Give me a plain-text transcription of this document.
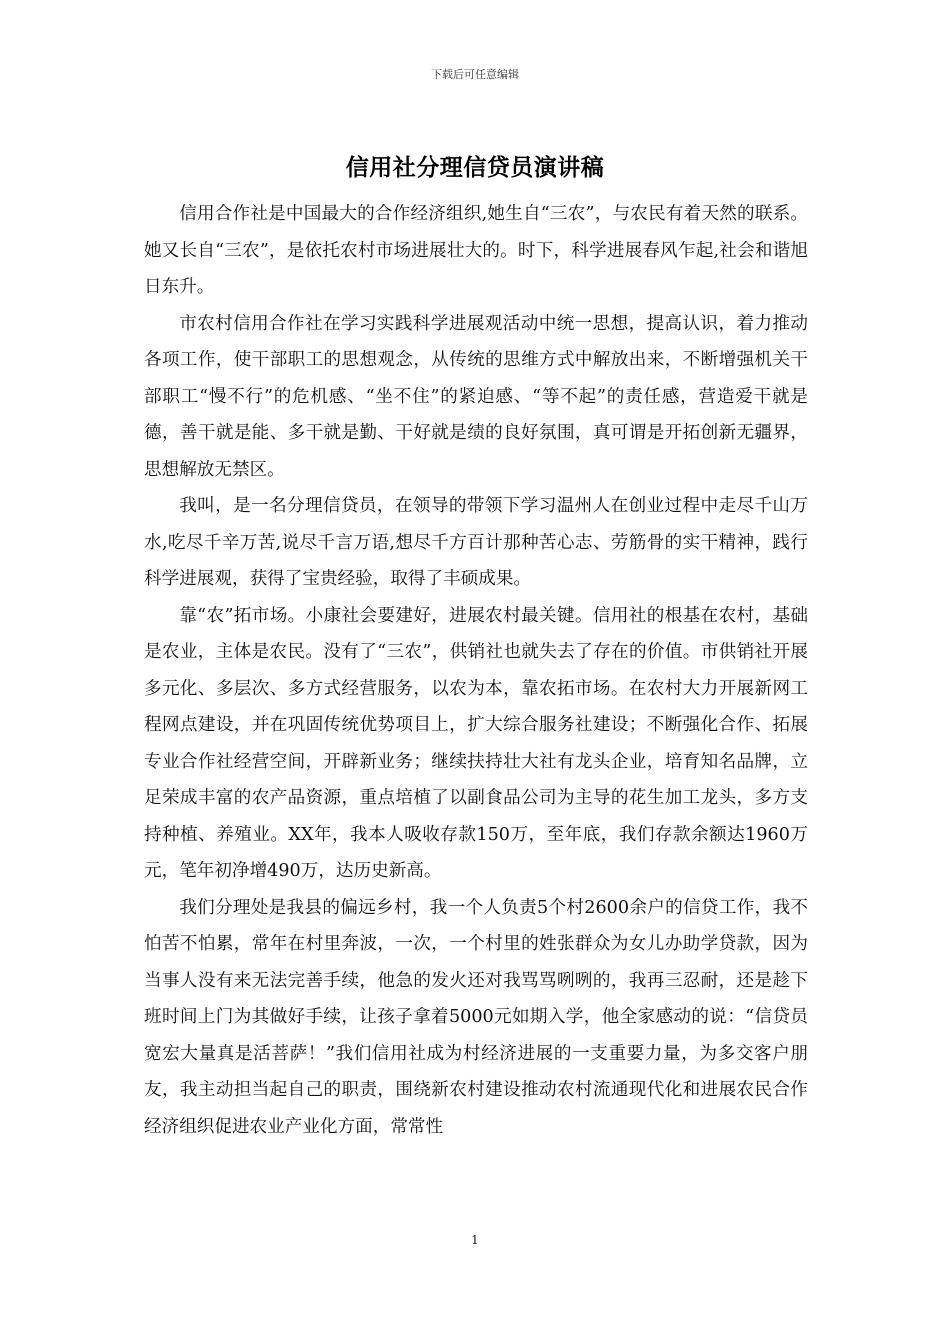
下载后可任意编辑
信用社分理信贷员演讲稿

信用合作社是中国最大的合作经济组织,她生自“三农”，与农民有着天然的联系。她又长自“三农”，是依托农村市场进展壮大的。时下，科学进展春风乍起,社会和谐旭日东升。

市农村信用合作社在学习实践科学进展观活动中统一思想，提高认识，着力推动各项工作，使干部职工的思想观念，从传统的思维方式中解放出来，不断增强机关干部职工“慢不行”的危机感、“坐不住”的紧迫感、“等不起”的责任感，营造爱干就是德，善干就是能、多干就是勤、干好就是绩的良好氛围，真可谓是开拓创新无疆界，思想解放无禁区。

我叫，是一名分理信贷员，在领导的带领下学习温州人在创业过程中走尽千山万水,吃尽千辛万苦,说尽千言万语,想尽千方百计那种苦心志、劳筋骨的实干精神，践行科学进展观，获得了宝贵经验，取得了丰硕成果。

靠“农”拓市场。小康社会要建好，进展农村最关键。信用社的根基在农村，基础是农业，主体是农民。没有了“三农”，供销社也就失去了存在的价值。市供销社开展多元化、多层次、多方式经营服务，以农为本，靠农拓市场。在农村大力开展新网工程网点建设，并在巩固传统优势项目上，扩大综合服务社建设；不断强化合作、拓展专业合作社经营空间，开辟新业务；继续扶持壮大社有龙头企业，培育知名品牌，立足荣成丰富的农产品资源，重点培植了以副食品公司为主导的花生加工龙头，多方支持种植、养殖业。XX年，我本人吸收存款150万，至年底，我们存款余额达1960万元，笔年初净增490万，达历史新高。

我们分理处是我县的偏远乡村，我一个人负责5个村2600余户的信贷工作，我不怕苦不怕累，常年在村里奔波，一次，一个村里的姓张群众为女儿办助学贷款，因为当事人没有来无法完善手续，他急的发火还对我骂骂咧咧的，我再三忍耐，还是趁下班时间上门为其做好手续，让孩子拿着5000元如期入学，他全家感动的说：“信贷员宽宏大量真是活菩萨！”我们信用社成为村经济进展的一支重要力量，为多交客户朋友，我主动担当起自己的职责，围绕新农村建设推动农村流通现代化和进展农民合作经济组织促进农业产业化方面，常常性

1
